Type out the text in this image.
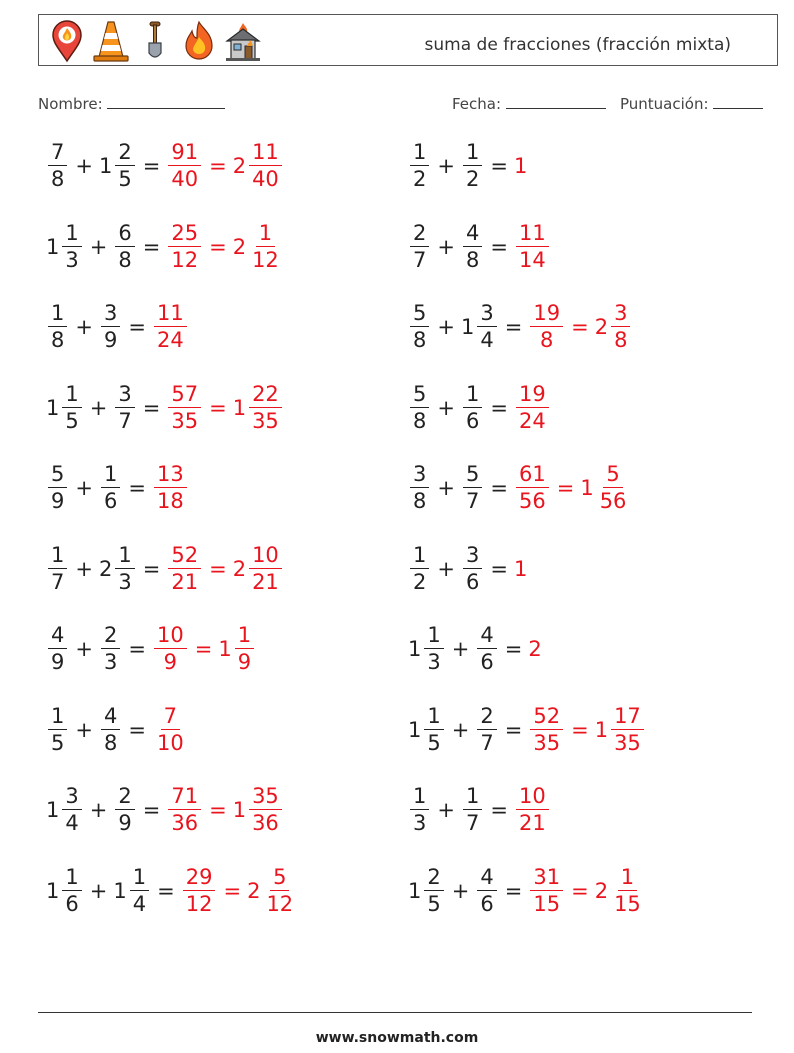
suma de fracciones (fracción mixta)
Nombre:	Fecha:	Puntuación:
$\frac{7}{8} + 1 \frac{2}{5} = \frac{91}{40} = 2 \frac{11}{40}$	$\frac{1}{2} + \frac{1}{2} = 1$
$1 \frac{1}{3} + \frac{6}{8} = \frac{25}{12} = 2 \frac{1}{12}$	$\frac{2}{7} + \frac{4}{8} = \frac{11}{14}$
$\frac{1}{8} + \frac{3}{9} = \frac{11}{24}$	$\frac{5}{8} + 1 \frac{3}{4} = \frac{19}{8} = 2 \frac{3}{8}$
$1 \frac{1}{5} + \frac{3}{7} = \frac{57}{35} = 1 \frac{22}{35}$	$\frac{5}{8} + \frac{1}{6} = \frac{19}{24}$
$\frac{5}{9} + \frac{1}{6} = \frac{13}{18}$	$\frac{3}{8} + \frac{5}{7} = \frac{61}{56} = 1 \frac{5}{56}$
$\frac{1}{7} + 2 \frac{1}{3} = \frac{52}{21} = 2 \frac{10}{21}$	$\frac{1}{2} + \frac{3}{6} = 1$
$\frac{4}{9} + \frac{2}{3} = \frac{10}{9} = 1 \frac{1}{9}$	$1 \frac{1}{3} + \frac{4}{6} = 2$
$\frac{1}{5} + \frac{4}{8} = \frac{7}{10}$	$1 \frac{1}{5} + \frac{2}{7} = \frac{52}{35} = 1 \frac{17}{35}$
$1 \frac{3}{4} + \frac{2}{9} = \frac{71}{36} = 1 \frac{35}{36}$	$\frac{1}{3} + \frac{1}{7} = \frac{10}{21}$
$1 \frac{1}{6} + 1 \frac{1}{4} = \frac{29}{12} = 2 \frac{5}{12}$	$1 \frac{2}{5} + \frac{4}{6} = \frac{31}{15} = 2 \frac{1}{15}$
www.snowmath.com
